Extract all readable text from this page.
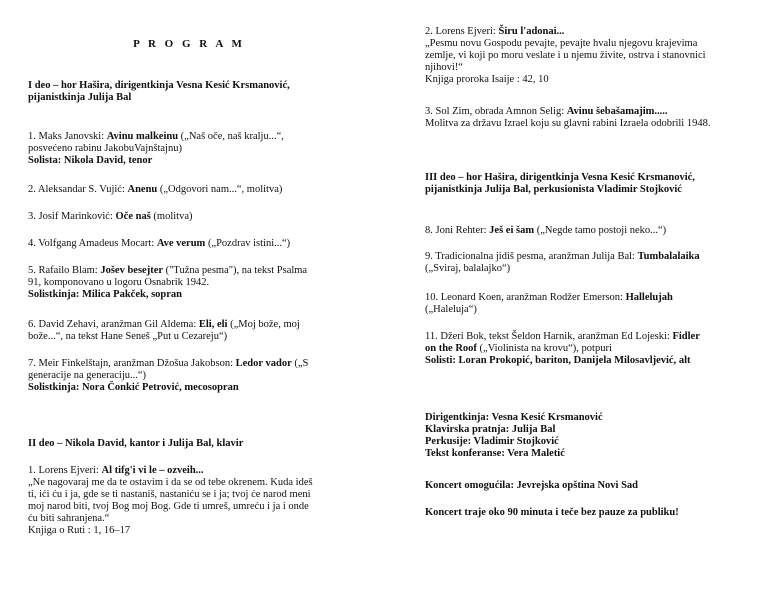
P R O G R A M
I deo – hor Hašira, dirigentkinja Vesna Kesić Krsmanović,
pijanistkinja Julija Bal
1. Maks Janovski: Avinu malkeinu („Naš oče, naš kralju...“,
posvećeno rabinu JakobuVajnštajnu)
Solista: Nikola David, tenor
2. Aleksandar S. Vujić: Anenu („Odgovori nam...“, molitva)
3. Josif Marinković: Oče naš (molitva)
4. Volfgang Amadeus Mocart: Ave verum („Pozdrav istini...“)
5. Rafailo Blam: Jošev besejter ("Tužna pesma"), na tekst Psalma
91, komponovano u logoru Osnabrik 1942.
Solistkinja: Milica Pakček, sopran
6. David Zehavi, aranžman Gil Aldema: Eli, eli („Moj bože, moj
bože...“, na tekst Hane Seneš „Put u Cezareju“)
7. Meir Finkelštajn, aranžman Džošua Jakobson: Ledor vador („S
generacije na generaciju...“)
Solistkinja: Nora Čonkić Petrović, mecosopran
II deo – Nikola David, kantor i Julija Bal, klavir
1. Lorens Ejveri: Al tifg'i vi le – ozveih...
„Ne nagovaraj me da te ostavim i da se od tebe okrenem. Kuda ideš
ti, ići ću i ja, gde se ti nastaniš, nastaniću se i ja; tvoj će narod meni
moj narod biti, tvoj Bog moj Bog. Gde ti umreš, umreću i ja i onde
ću biti sahranjena.“
Knjiga o Ruti : 1, 16–17
2. Lorens Ejveri: Širu l'adonai...
„Pesmu novu Gospodu pevajte, pevajte hvalu njegovu krajevima
zemlje, vi koji po moru veslate i u njemu živite, ostrva i stanovnici
njihovi!“
Knjiga proroka Isaije : 42, 10
3. Sol Zim, obrada Amnon Selig: Avinu šebašamajim.....
Molitva za državu Izrael koju su glavni rabini Izraela odobrili 1948.
III deo – hor Hašira, dirigentkinja Vesna Kesić Krsmanović,
pijanistkinja Julija Bal, perkusionista Vladimir Stojković
8. Joni Rehter: Ješ ei šam („Negde tamo postoji neko...“)
9. Tradicionalna jidiš pesma, aranžman Julija Bal: Tumbalalaika
(„Sviraj, balalajko“)
10. Leonard Koen, aranžman Rodžer Emerson: Hallelujah
(„Haleluja“)
11. Džeri Bok, tekst Šeldon Harnik, aranžman Ed Lojeski: Fidler
on the Roof („Violinista na krovu“), potpuri
Solisti: Loran Prokopić, bariton, Danijela Milosavljević, alt
Dirigentkinja: Vesna Kesić Krsmanović
Klavirska pratnja: Julija Bal
Perkusije: Vladimir Stojković
Tekst konferanse: Vera Maletić
Koncert omogućila: Jevrejska opština Novi Sad
Koncert traje oko 90 minuta i teče bez pauze za publiku!
